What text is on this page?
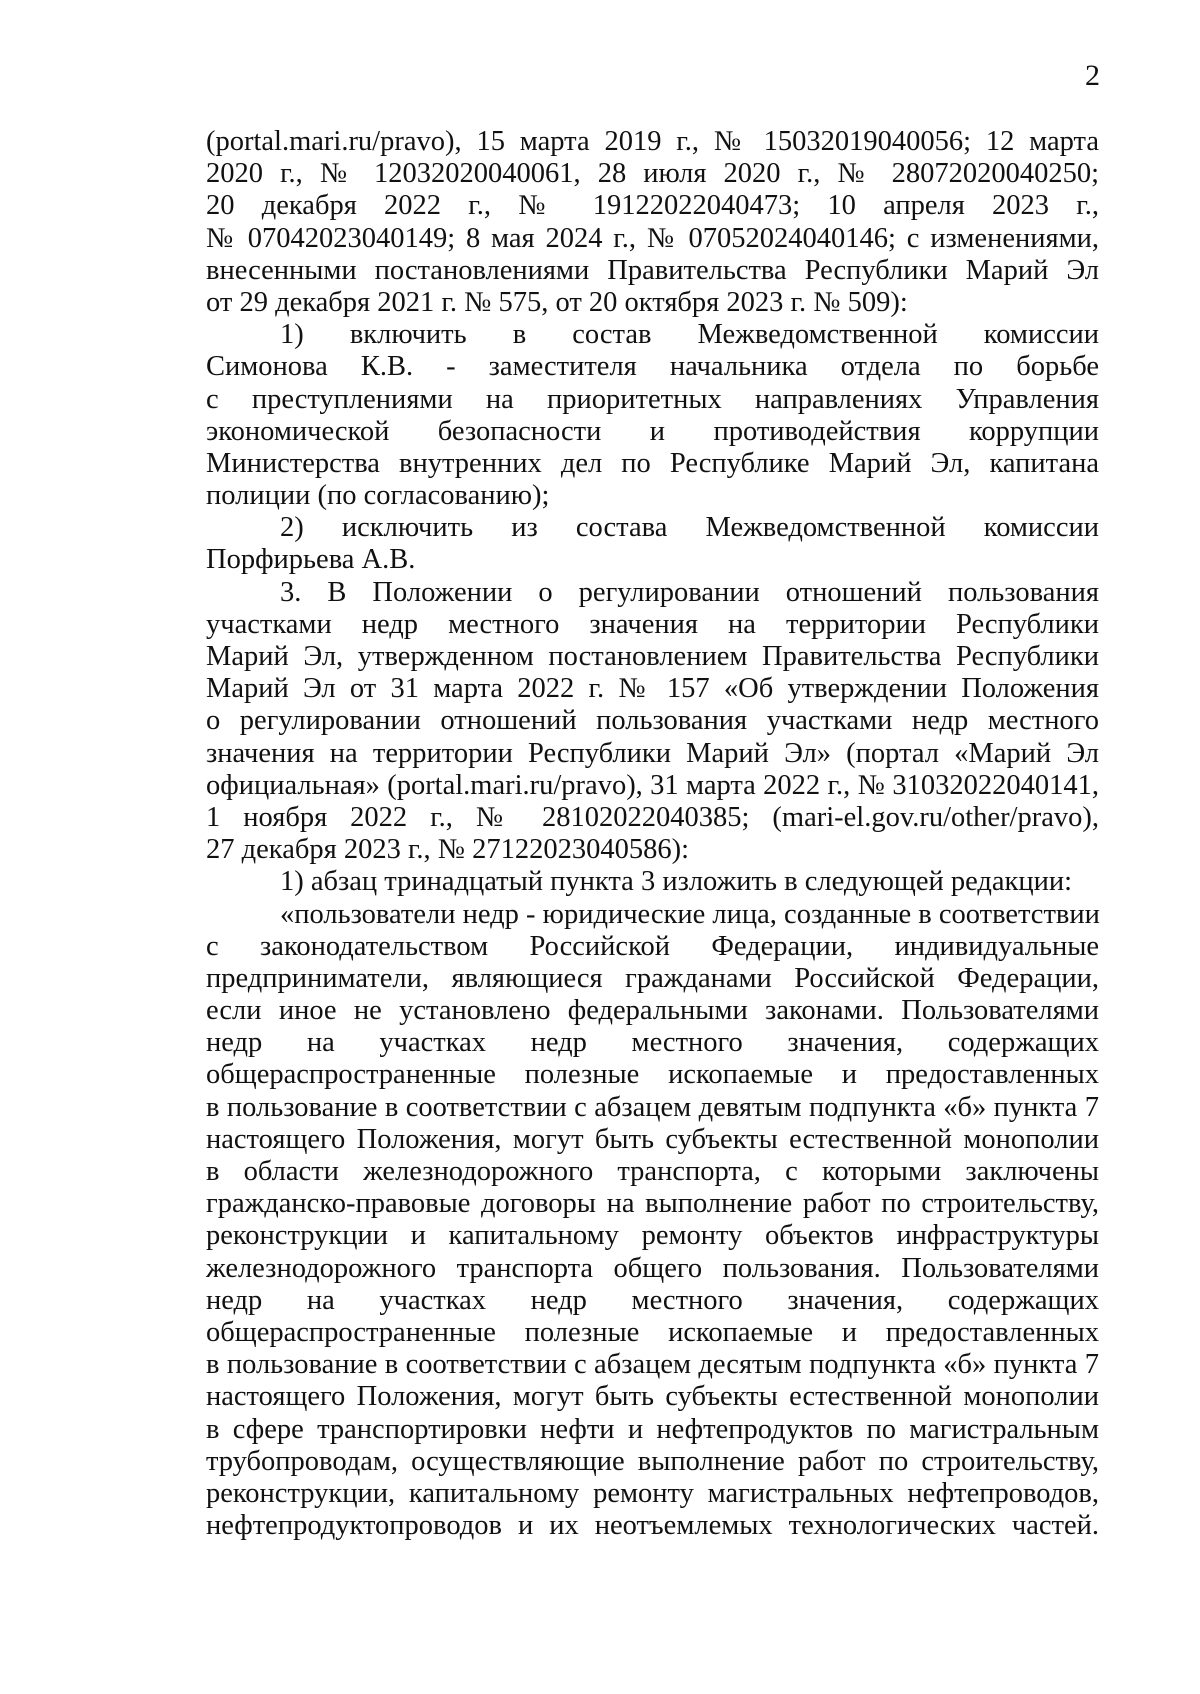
2
(portal.mari.ru/pravo), 15 марта 2019 г., № 15032019040056; 12 марта
2020 г., № 12032020040061, 28 июля 2020 г., № 28072020040250;
20 декабря 2022 г., № 19122022040473; 10 апреля 2023 г.,
№ 07042023040149; 8 мая 2024 г., № 07052024040146; с изменениями,
внесенными постановлениями Правительства Республики Марий Эл
от 29 декабря 2021 г. № 575, от 20 октября 2023 г. № 509):
1) включить в состав Межведомственной комиссии
Симонова К.В. - заместителя начальника отдела по борьбе
с преступлениями на приоритетных направлениях Управления
экономической безопасности и противодействия коррупции
Министерства внутренних дел по Республике Марий Эл, капитана
полиции (по согласованию);
2) исключить из состава Межведомственной комиссии
Порфирьева А.В.
3. В Положении о регулировании отношений пользования
участками недр местного значения на территории Республики
Марий Эл, утвержденном постановлением Правительства Республики
Марий Эл от 31 марта 2022 г. № 157 «Об утверждении Положения
о регулировании отношений пользования участками недр местного
значения на территории Республики Марий Эл» (портал «Марий Эл
официальная» (portal.mari.ru/pravo), 31 марта 2022 г., № 31032022040141,
1 ноября 2022 г., № 28102022040385; (mari-el.gov.ru/other/pravo),
27 декабря 2023 г., № 27122023040586):
1) абзац тринадцатый пункта 3 изложить в следующей редакции:
«пользователи недр - юридические лица, созданные в соответствии
с законодательством Российской Федерации, индивидуальные
предприниматели, являющиеся гражданами Российской Федерации,
если иное не установлено федеральными законами. Пользователями
недр на участках недр местного значения, содержащих
общераспространенные полезные ископаемые и предоставленных
в пользование в соответствии с абзацем девятым подпункта «б» пункта 7
настоящего Положения, могут быть субъекты естественной монополии
в области железнодорожного транспорта, с которыми заключены
гражданско-правовые договоры на выполнение работ по строительству,
реконструкции и капитальному ремонту объектов инфраструктуры
железнодорожного транспорта общего пользования. Пользователями
недр на участках недр местного значения, содержащих
общераспространенные полезные ископаемые и предоставленных
в пользование в соответствии с абзацем десятым подпункта «б» пункта 7
настоящего Положения, могут быть субъекты естественной монополии
в сфере транспортировки нефти и нефтепродуктов по магистральным
трубопроводам, осуществляющие выполнение работ по строительству,
реконструкции, капитальному ремонту магистральных нефтепроводов,
нефтепродуктопроводов и их неотъемлемых технологических частей.
